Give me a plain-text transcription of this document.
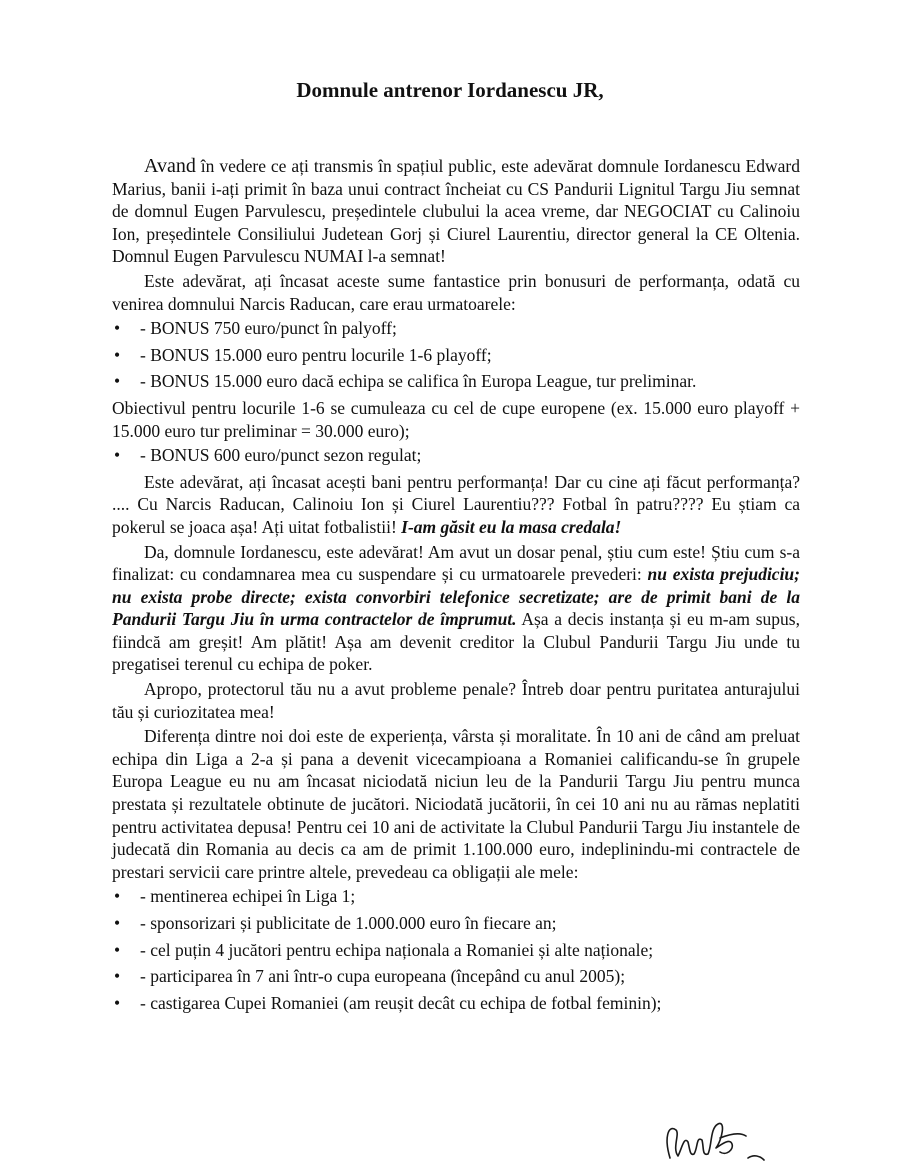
Domnule antrenor Iordanescu JR,

Avand în vedere ce ați transmis în spațiul public, este adevărat domnule Iordanescu Edward Marius, banii i-ați primit în baza unui contract încheiat cu CS Pandurii Lignitul Targu Jiu semnat de domnul Eugen Parvulescu, președintele clubului la acea vreme, dar NEGOCIAT cu Calinoiu Ion, președintele Consiliului Judetean Gorj și Ciurel Laurentiu, director general la CE Oltenia. Domnul Eugen Parvulescu NUMAI l-a semnat!

Este adevărat, ați încasat aceste sume fantastice prin bonusuri de performanța, odată cu venirea domnului Narcis Raducan, care erau urmatoarele:

• - BONUS 750 euro/punct în palyoff;
• - BONUS 15.000 euro pentru locurile 1-6 playoff;
• - BONUS 15.000 euro dacă echipa se califica în Europa League, tur preliminar.

Obiectivul pentru locurile 1-6 se cumuleaza cu cel de cupe europene (ex. 15.000 euro playoff + 15.000 euro tur preliminar = 30.000 euro);

• - BONUS 600 euro/punct sezon regulat;

Este adevărat, ați încasat acești bani pentru performanța! Dar cu cine ați făcut performanța? .... Cu Narcis Raducan, Calinoiu Ion și Ciurel Laurentiu??? Fotbal în patru???? Eu știam ca pokerul se joaca așa! Ați uitat fotbalistii! I-am găsit eu la masa credala!

Da, domnule Iordanescu, este adevărat! Am avut un dosar penal, știu cum este! Știu cum s-a finalizat: cu condamnarea mea cu suspendare și cu urmatoarele prevederi: nu exista prejudiciu; nu exista probe directe; exista convorbiri telefonice secretizate; are de primit bani de la Pandurii Targu Jiu în urma contractelor de împrumut. Așa a decis instanța și eu m-am supus, fiindcă am greșit! Am plătit! Așa am devenit creditor la Clubul Pandurii Targu Jiu unde tu pregatisei terenul cu echipa de poker.

Apropo, protectorul tău nu a avut probleme penale? Întreb doar pentru puritatea anturajului tău și curiozitatea mea!

Diferența dintre noi doi este de experiența, vârsta și moralitate. În 10 ani de când am preluat echipa din Liga a 2-a și pana a devenit vicecampioana a Romaniei calificandu-se în grupele Europa League eu nu am încasat niciodată niciun leu de la Pandurii Targu Jiu pentru munca prestata și rezultatele obtinute de jucători. Niciodată jucătorii, în cei 10 ani nu au rămas neplatiti pentru activitatea depusa! Pentru cei 10 ani de activitate la Clubul Pandurii Targu Jiu instantele de judecată din Romania au decis ca am de primit 1.100.000 euro, indeplinindu-mi contractele de prestari servicii care printre altele, prevedeau ca obligații ale mele:

• - mentinerea echipei în Liga 1;
• - sponsorizari și publicitate de 1.000.000 euro în fiecare an;
• - cel puțin 4 jucători pentru echipa naționala a Romaniei și alte naționale;
• - participarea în 7 ani într-o cupa europeana (începând cu anul 2005);
• - castigarea Cupei Romaniei (am reușit decât cu echipa de fotbal feminin);
